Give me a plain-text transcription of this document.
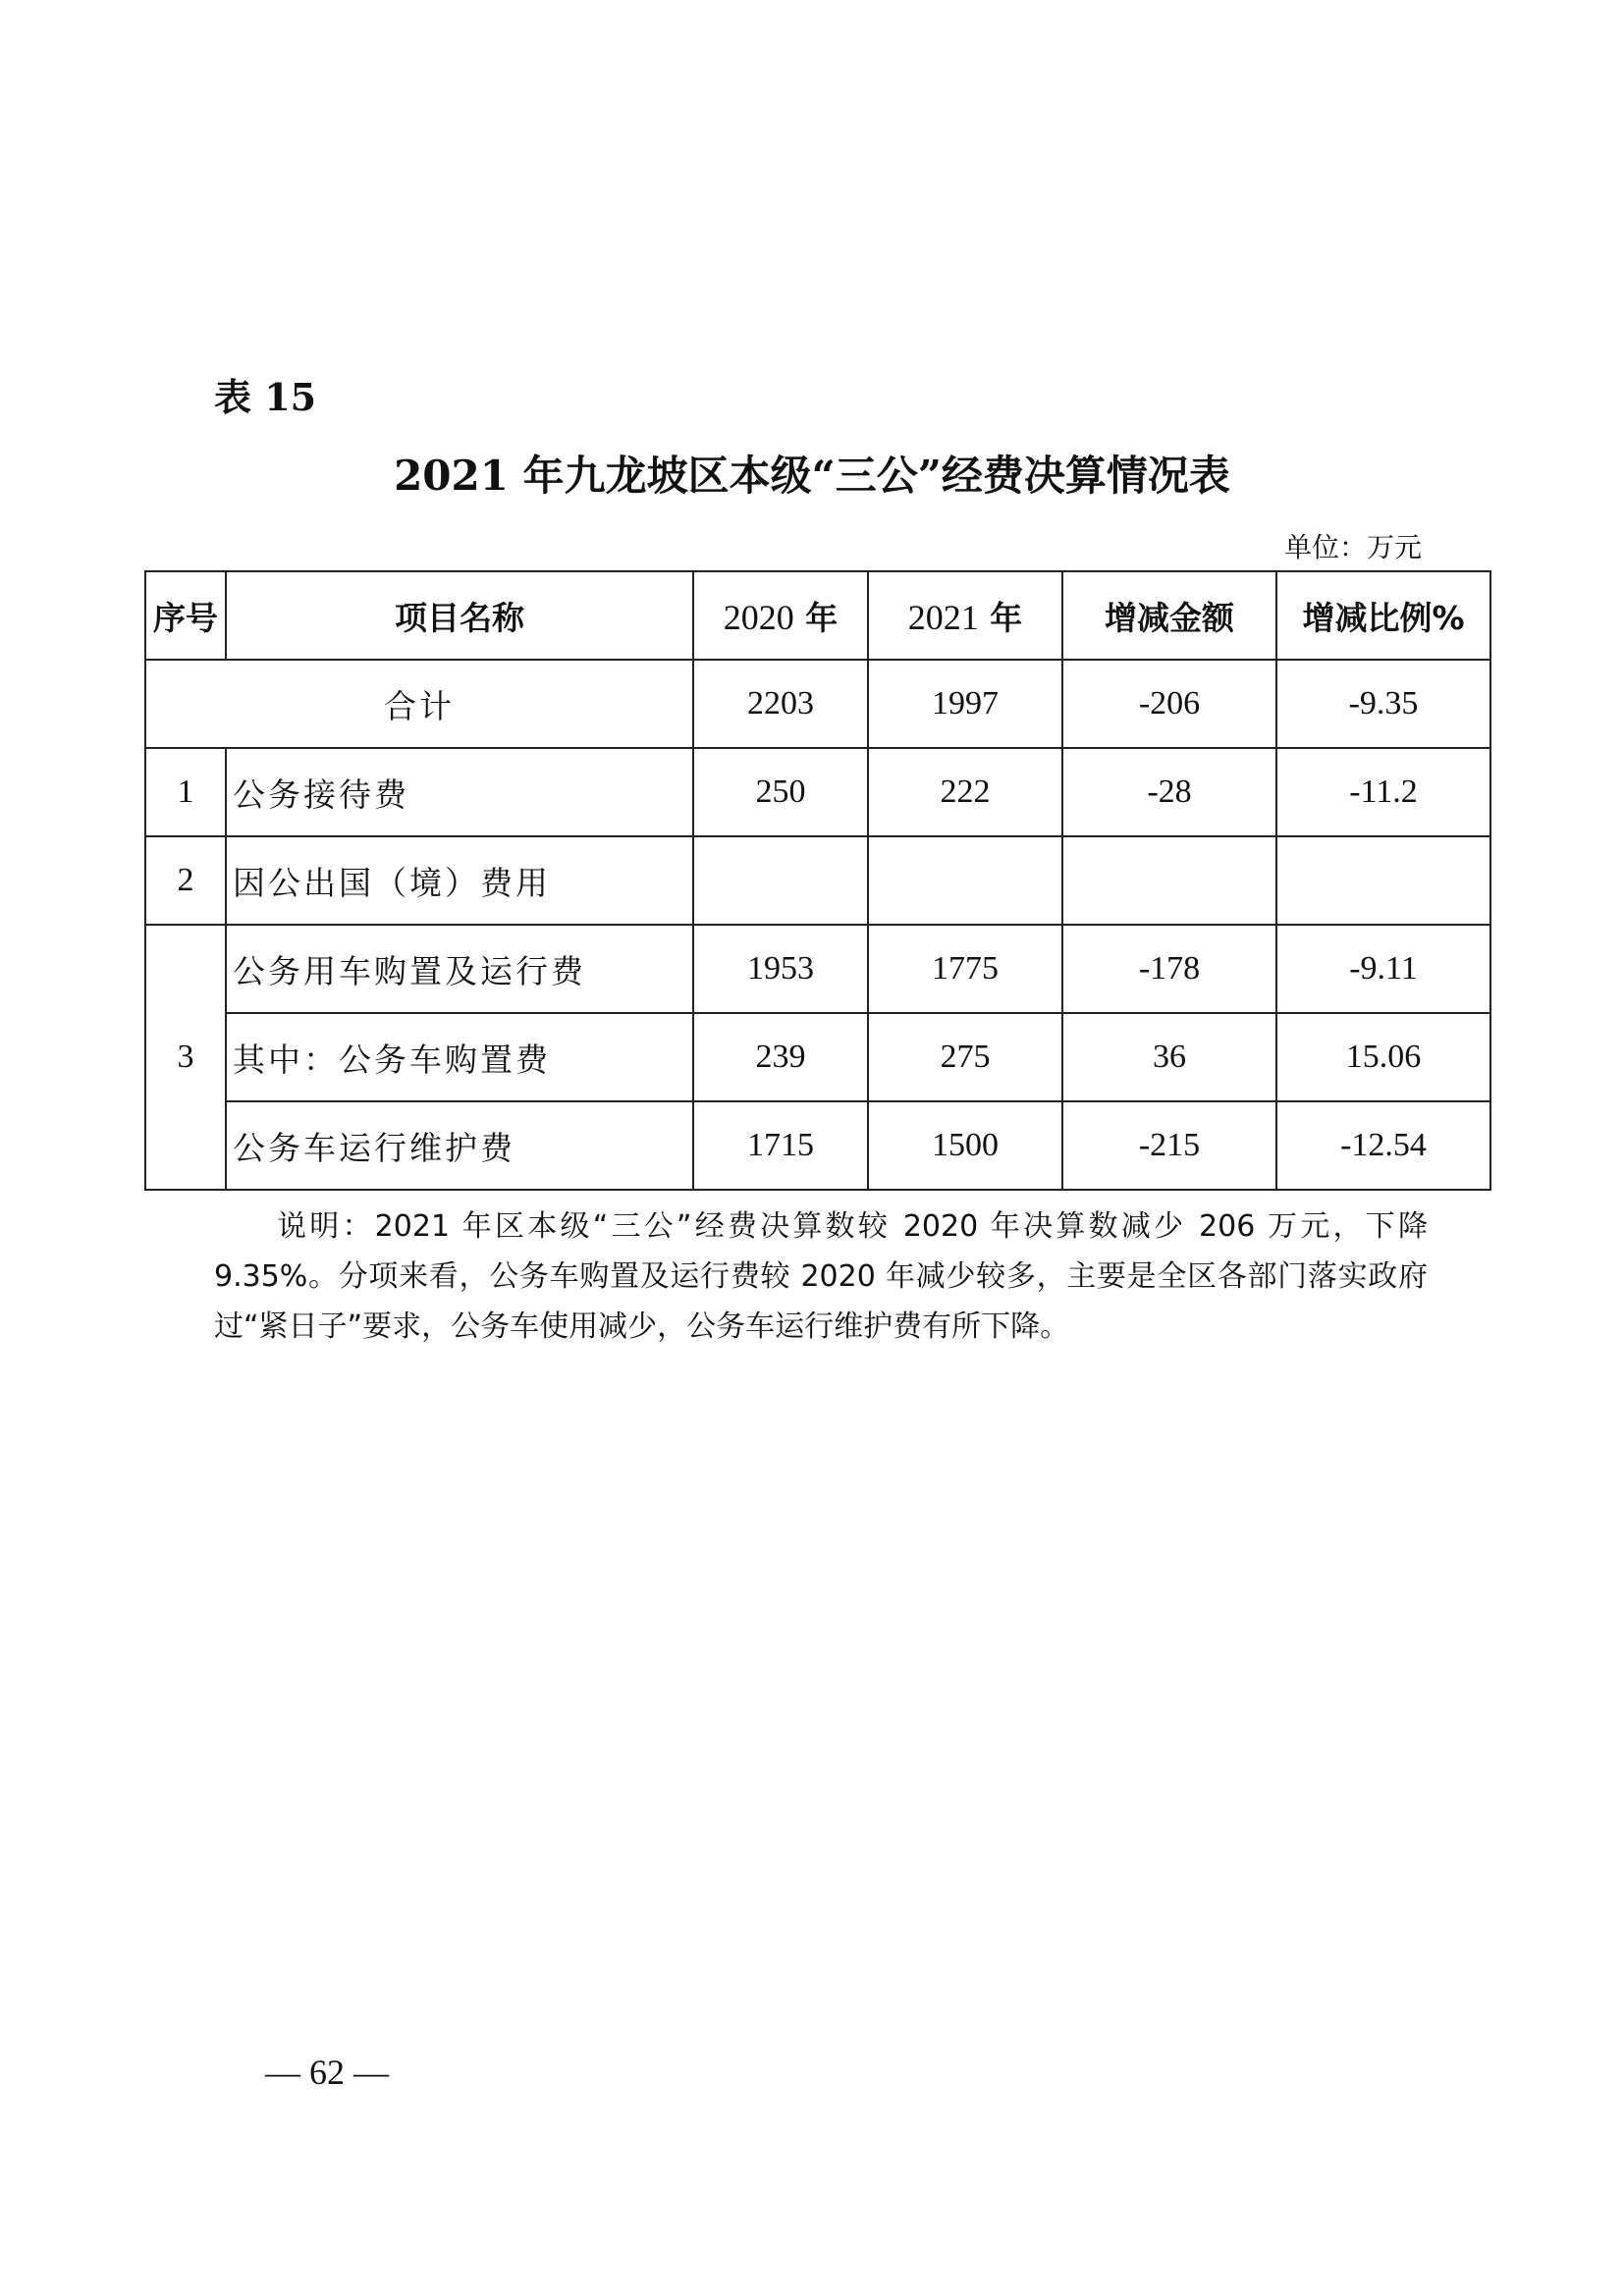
表 15
2021 年九龙坡区本级“三公”经费决算情况表
单位：万元
序号	项目名称	2020 年	2021 年	增减金额	增减比例%
合计		2203	1997	-206	-9.35
1	公务接待费	250	222	-28	-11.2
2	因公出国（境）费用				
3	公务用车购置及运行费	1953	1775	-178	-9.11
	其中：公务车购置费	239	275	36	15.06
	公务车运行维护费	1715	1500	-215	-12.54

说明：2021 年区本级“三公”经费决算数较 2020 年决算数减少 206 万元，下降 9.35%。分项来看，公务车购置及运行费较 2020 年减少较多，主要是全区各部门落实政府过“紧日子”要求，公务车使用减少，公务车运行维护费有所下降。

— 62 —
